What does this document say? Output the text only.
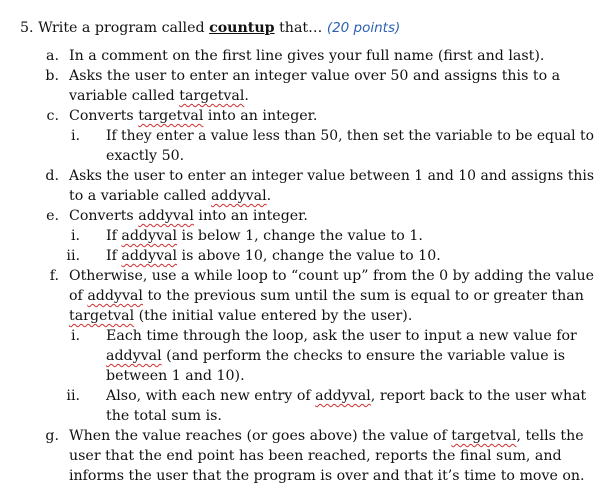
5. Write a program called countup that… (20 points)
a. In a comment on the first line gives your full name (first and last).
b. Asks the user to enter an integer value over 50 and assigns this to a
variable called targetval.
c. Converts targetval into an integer.
i. If they enter a value less than 50, then set the variable to be equal to
exactly 50.
d. Asks the user to enter an integer value between 1 and 10 and assigns this
to a variable called addyval.
e. Converts addyval into an integer.
i. If addyval is below 1, change the value to 1.
ii. If addyval is above 10, change the value to 10.
f. Otherwise, use a while loop to “count up” from the 0 by adding the value
of addyval to the previous sum until the sum is equal to or greater than
targetval (the initial value entered by the user).
i. Each time through the loop, ask the user to input a new value for
addyval (and perform the checks to ensure the variable value is
between 1 and 10).
ii. Also, with each new entry of addyval, report back to the user what
the total sum is.
g. When the value reaches (or goes above) the value of targetval, tells the
user that the end point has been reached, reports the final sum, and
informs the user that the program is over and that it’s time to move on.
